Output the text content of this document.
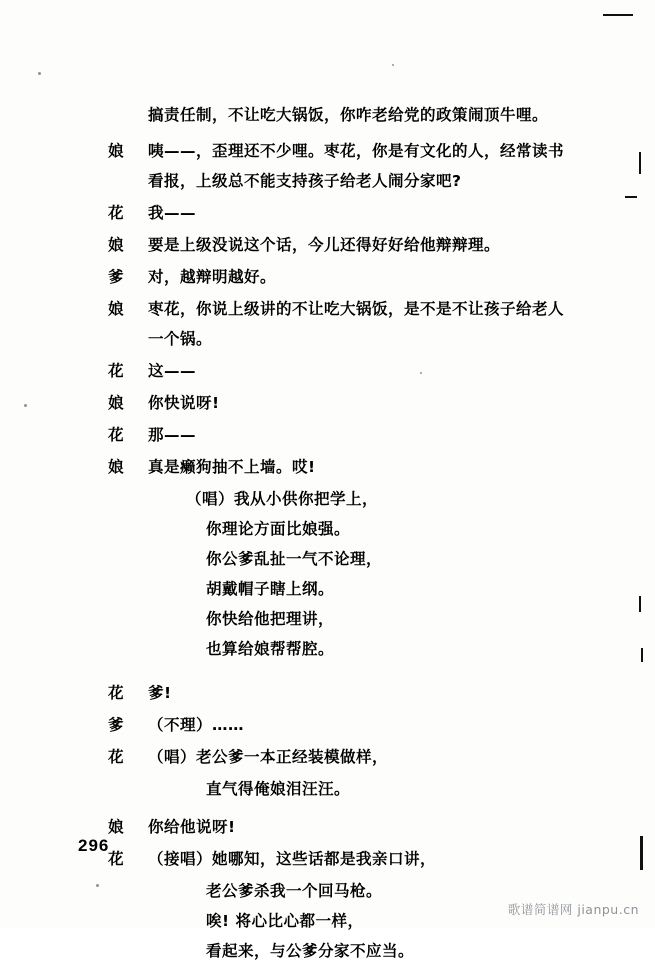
搞责任制，不让吃大锅饭，你咋老给党的政策闹顶牛哩。
娘	咦——，歪理还不少哩。枣花，你是有文化的人，经常读书看报，上级总不能支持孩子给老人闹分家吧?
花	我——
娘	要是上级没说这个话，今儿还得好好给他辩辩理。
爹	对，越辩明越好。
娘	枣花，你说上级讲的不让吃大锅饭，是不是不让孩子给老人一个锅。
花	这——
娘	你快说呀!
花	那——
娘	真是癞狗抽不上墙。哎!
（唱）我从小供你把学上，
你理论方面比娘强。
你公爹乱扯一气不论理，
胡戴帽子瞎上纲。
你快给他把理讲，
也算给娘帮帮腔。
花	爹!
爹	（不理）……
花	（唱）老公爹一本正经装模做样，
直气得俺娘泪汪汪。
娘	你给他说呀!
花	（接唱）她哪知，这些话都是我亲口讲，
老公爹杀我一个回马枪。
唉! 将心比心都一样，
看起来，与公爹分家不应当。
296
歌谱简谱网 jianpu.cn
